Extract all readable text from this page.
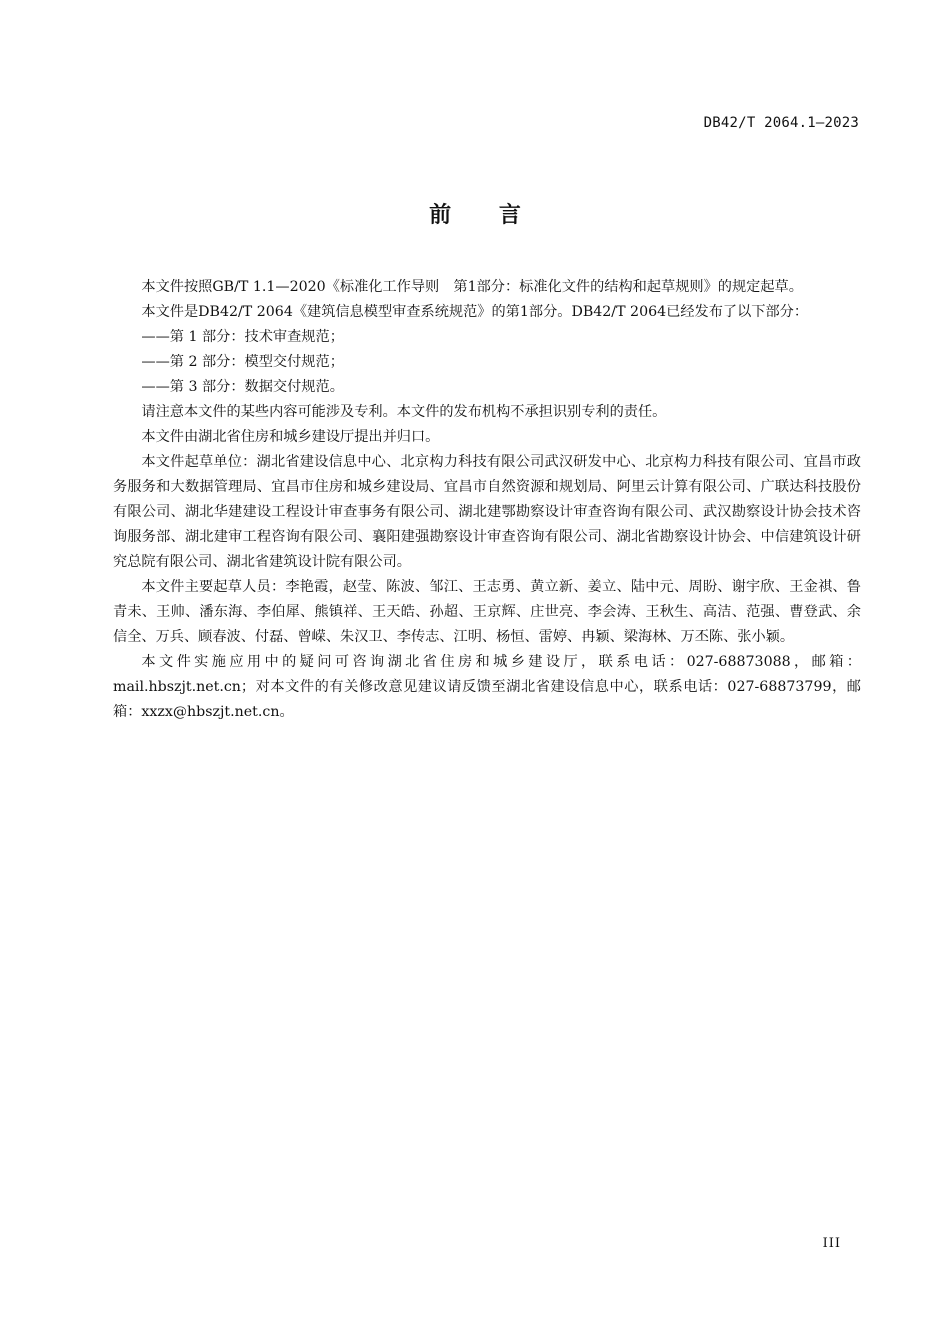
DB42/T 2064.1—2023
前 言

本文件按照GB/T 1.1—2020《标准化工作导则　第1部分：标准化文件的结构和起草规则》的规定起草。

本文件是DB42/T 2064《建筑信息模型审查系统规范》的第1部分。DB42/T 2064已经发布了以下部分：

——第 1 部分：技术审查规范；

——第 2 部分：模型交付规范；

——第 3 部分：数据交付规范。

请注意本文件的某些内容可能涉及专利。本文件的发布机构不承担识别专利的责任。

本文件由湖北省住房和城乡建设厅提出并归口。

本文件起草单位：湖北省建设信息中心、北京构力科技有限公司武汉研发中心、北京构力科技有限公司、宜昌市政务服务和大数据管理局、宜昌市住房和城乡建设局、宜昌市自然资源和规划局、阿里云计算有限公司、广联达科技股份有限公司、湖北华建建设工程设计审查事务有限公司、湖北建鄂勘察设计审查咨询有限公司、武汉勘察设计协会技术咨询服务部、湖北建审工程咨询有限公司、襄阳建强勘察设计审查咨询有限公司、湖北省勘察设计协会、中信建筑设计研究总院有限公司、湖北省建筑设计院有限公司。

本文件主要起草人员：李艳霞，赵莹、陈波、邹江、王志勇、黄立新、姜立、陆中元、周盼、谢宇欣、王金祺、鲁青未、王帅、潘东海、李伯犀、熊镇祥、王天皓、孙超、王京辉、庄世亮、李会涛、王秋生、高洁、范强、曹登武、余信全、万兵、顾春波、付磊、曾嵘、朱汉卫、李传志、江明、杨恒、雷婷、冉颖、梁海林、万丕陈、张小颖。

本文件实施应用中的疑问可咨询湖北省住房和城乡建设厅，联系电话：027-68873088，邮箱：mail.hbszjt.net.cn；对本文件的有关修改意见建议请反馈至湖北省建设信息中心，联系电话：027-68873799，邮箱：xxzx@hbszjt.net.cn。

III
